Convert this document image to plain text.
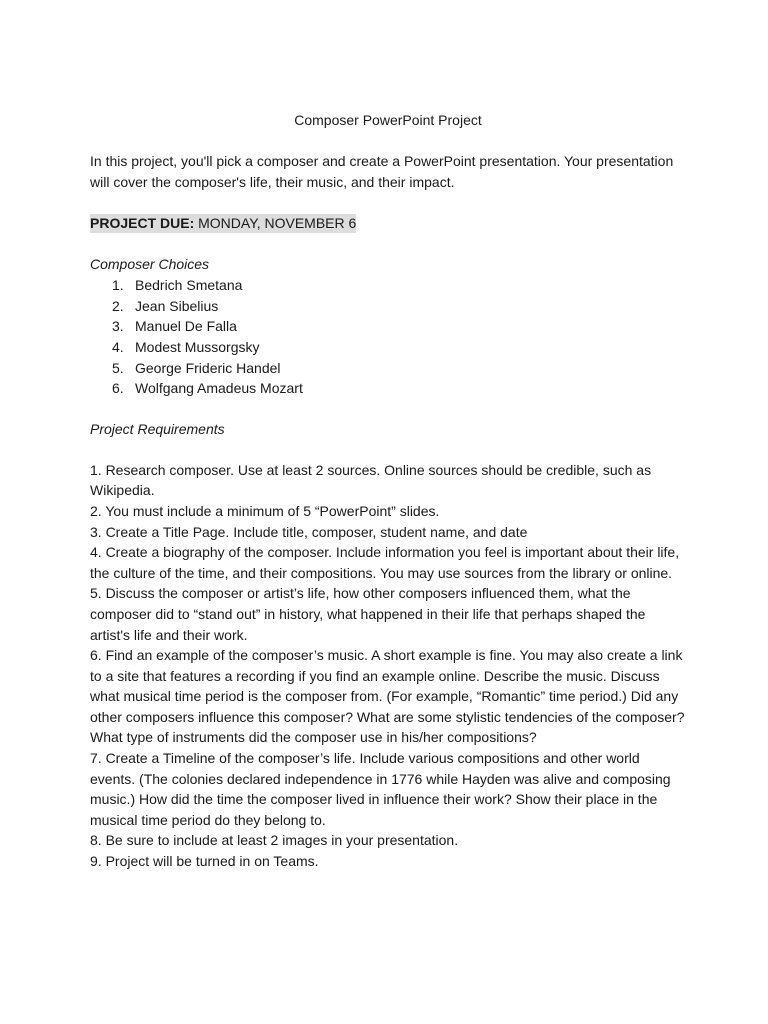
Composer PowerPoint Project
In this project, you'll pick a composer and create a PowerPoint presentation. Your presentation will cover the composer's life, their music, and their impact.
PROJECT DUE: MONDAY, NOVEMBER 6
Composer Choices
1. Bedrich Smetana
2. Jean Sibelius
3. Manuel De Falla
4. Modest Mussorgsky
5. George Frideric Handel
6. Wolfgang Amadeus Mozart
Project Requirements

1. Research composer. Use at least 2 sources. Online sources should be credible, such as Wikipedia.

2. You must include a minimum of 5 “PowerPoint” slides.

3. Create a Title Page. Include title, composer, student name, and date

4. Create a biography of the composer. Include information you feel is important about their life, the culture of the time, and their compositions. You may use sources from the library or online.

5. Discuss the composer or artist’s life, how other composers influenced them, what the composer did to “stand out” in history, what happened in their life that perhaps shaped the artist's life and their work.

6. Find an example of the composer’s music. A short example is fine. You may also create a link to a site that features a recording if you find an example online. Describe the music. Discuss what musical time period is the composer from. (For example, “Romantic” time period.) Did any other composers influence this composer? What are some stylistic tendencies of the composer? What type of instruments did the composer use in his/her compositions?

7. Create a Timeline of the composer’s life. Include various compositions and other world events. (The colonies declared independence in 1776 while Hayden was alive and composing music.) How did the time the composer lived in influence their work? Show their place in the musical time period do they belong to.

8. Be sure to include at least 2 images in your presentation.

9. Project will be turned in on Teams.
